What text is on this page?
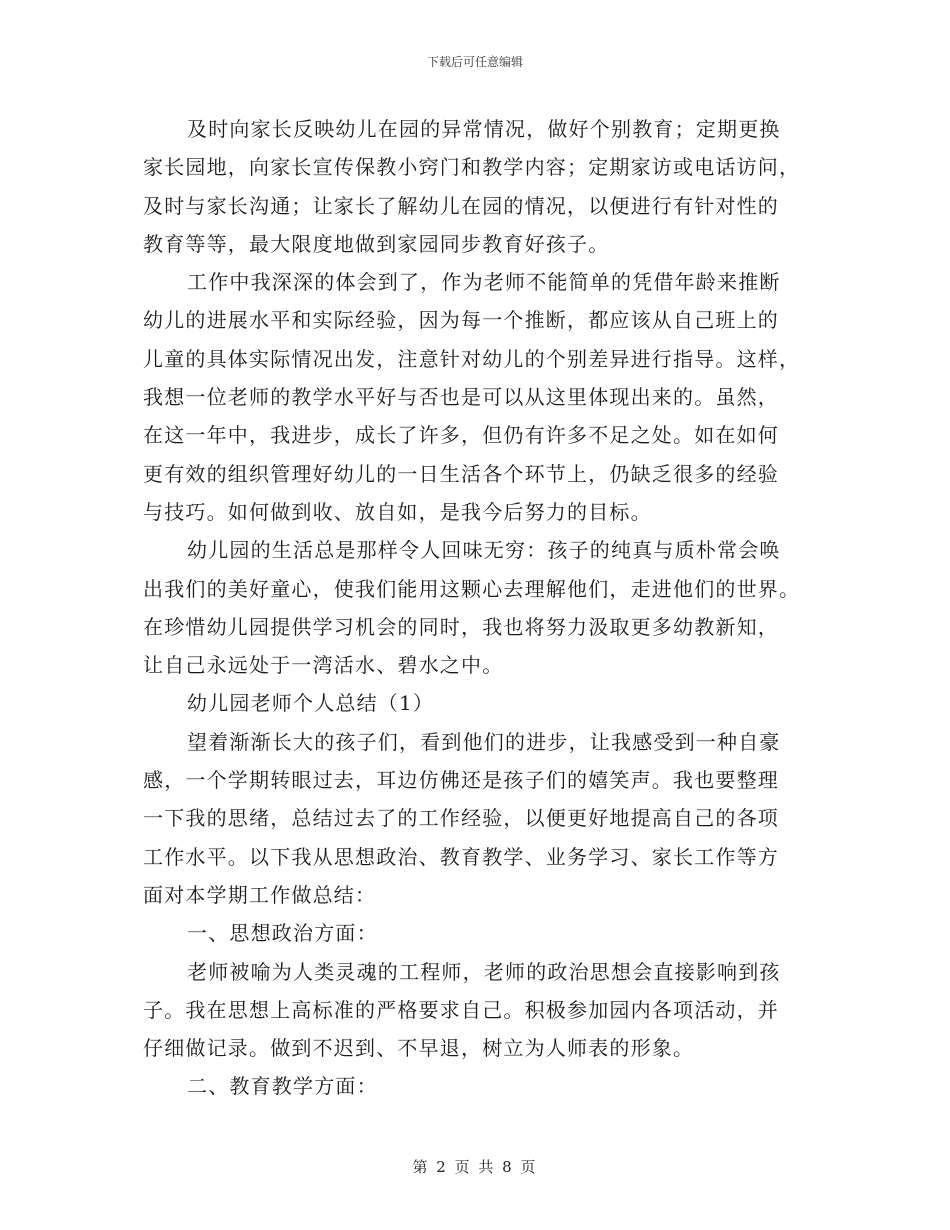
下载后可任意编辑
及时向家长反映幼儿在园的异常情况，做好个别教育；定期更换
家长园地，向家长宣传保教小窍门和教学内容；定期家访或电话访问，
及时与家长沟通；让家长了解幼儿在园的情况，以便进行有针对性的
教育等等，最大限度地做到家园同步教育好孩子。
工作中我深深的体会到了，作为老师不能简单的凭借年龄来推断
幼儿的进展水平和实际经验，因为每一个推断，都应该从自己班上的
儿童的具体实际情况出发，注意针对幼儿的个别差异进行指导。这样，
我想一位老师的教学水平好与否也是可以从这里体现出来的。虽然，
在这一年中，我进步，成长了许多，但仍有许多不足之处。如在如何
更有效的组织管理好幼儿的一日生活各个环节上，仍缺乏很多的经验
与技巧。如何做到收、放自如，是我今后努力的目标。
幼儿园的生活总是那样令人回味无穷：孩子的纯真与质朴常会唤
出我们的美好童心，使我们能用这颗心去理解他们，走进他们的世界。
在珍惜幼儿园提供学习机会的同时，我也将努力汲取更多幼教新知，
让自己永远处于一湾活水、碧水之中。
幼儿园老师个人总结（1）
望着渐渐长大的孩子们，看到他们的进步，让我感受到一种自豪
感，一个学期转眼过去，耳边仿佛还是孩子们的嬉笑声。我也要整理
一下我的思绪，总结过去了的工作经验，以便更好地提高自己的各项
工作水平。以下我从思想政治、教育教学、业务学习、家长工作等方
面对本学期工作做总结：
一、思想政治方面：
老师被喻为人类灵魂的工程师，老师的政治思想会直接影响到孩
子。我在思想上高标准的严格要求自己。积极参加园内各项活动，并
仔细做记录。做到不迟到、不早退，树立为人师表的形象。
二、教育教学方面：
第 2 页 共 8 页
